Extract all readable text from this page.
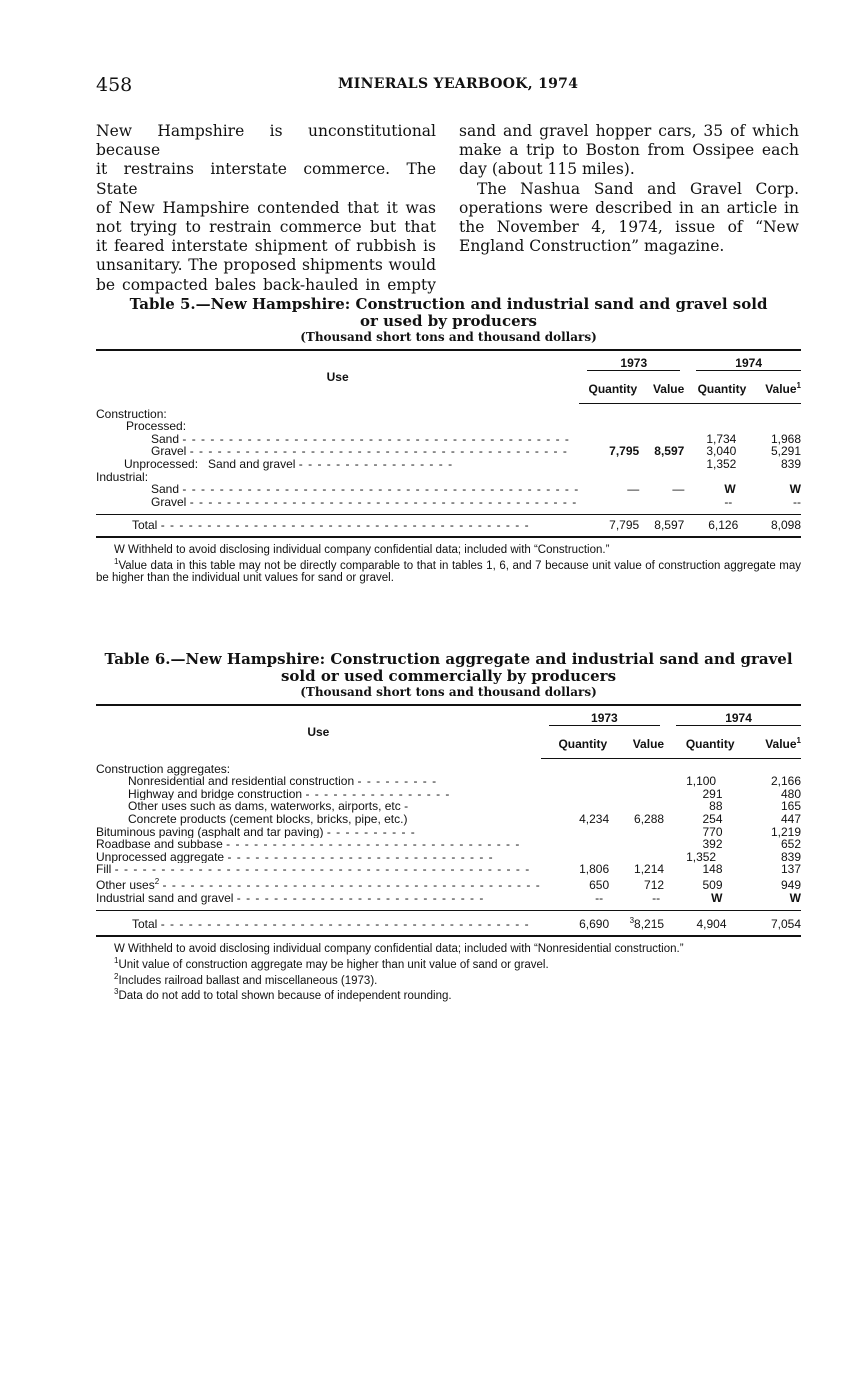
458	MINERALS YEARBOOK, 1974

New Hampshire is unconstitutional because

it restrains interstate commerce. The State

of New Hampshire contended that it was

not trying to restrain commerce but that

it feared interstate shipment of rubbish is

unsanitary. The proposed shipments would

be compacted bales back-hauled in empty

sand and gravel hopper cars, 35 of which make a trip to Boston from Ossipee each day (about 115 miles).

The Nashua Sand and Gravel Corp. operations were described in an article in the November 4, 1974, issue of “New England Construction” magazine.

Table 5.—New Hampshire: Construction and industrial sand and gravel sold
or used by producers
(Thousand short tons and thousand dollars)
Use	1973		1974	

	Quantity	Value	Quantity	Value$^1$
Construction:				
Processed:				
Sand - - - - - - - - - - - - - - - - - - - - - - - - - - - - - - - - - - - - - - - - - -			1,734	1,968
Gravel - - - - - - - - - - - - - - - - - - - - - - - - - - - - - - - - - - - - - - - - -	7,795	8,597	3,040	5,291
Unprocessed:   Sand and gravel - - - - - - - - - - - - - - - - -			1,352	839
Industrial:				
Sand - - - - - - - - - - - - - - - - - - - - - - - - - - - - - - - - - - - - - - - - - - -	—	—	W	W
Gravel - - - - - - - - - - - - - - - - - - - - - - - - - - - - - - - - - - - - - - - - - -			--	--
Total - - - - - - - - - - - - - - - - - - - - - - - - - - - - - - - - - - - - - - - -	7,795	8,597	6,126	8,098

W Withheld to avoid disclosing individual company confidential data; included with “Construction.”

$^1$Value data in this table may not be directly comparable to that in tables 1, 6, and 7 because unit value of construction aggregate may be higher than the individual unit values for sand or gravel.

Table 6.—New Hampshire: Construction aggregate and industrial sand and gravel
sold or used commercially by producers
(Thousand short tons and thousand dollars)
Use	1973		1974	

	Quantity	Value	Quantity	Value$^1$
Construction aggregates:				
Nonresidential and residential construction - - - - - - - - -			1,100	2,166
Highway and bridge construction - - - - - - - - - - - - - - - -			291	480
Other uses such as dams, waterworks, airports, etc -			88	165
Concrete products (cement blocks, bricks, pipe, etc.)	4,234	6,288	254	447
Bituminous paving (asphalt and tar paving) - - - - - - - - - -			770	1,219
Roadbase and subbase - - - - - - - - - - - - - - - - - - - - - - - - - - - - - - - -			392	652
Unprocessed aggregate - - - - - - - - - - - - - - - - - - - - - - - - - - - - -			1,352	839
Fill - - - - - - - - - - - - - - - - - - - - - - - - - - - - - - - - - - - - - - - - - - - - -	1,806	1,214	148	137
Other uses$^2$ - - - - - - - - - - - - - - - - - - - - - - - - - - - - - - - - - - - - - - - - -	650	712	509	949
Industrial sand and gravel - - - - - - - - - - - - - - - - - - - - - - - - - - -	--	--	W	W
Total - - - - - - - - - - - - - - - - - - - - - - - - - - - - - - - - - - - - - - - -	6,690	$^3$8,215	4,904	7,054

W Withheld to avoid disclosing individual company confidential data; included with “Nonresidential construction.”

$^1$Unit value of construction aggregate may be higher than unit value of sand or gravel.

$^2$Includes railroad ballast and miscellaneous (1973).

$^3$Data do not add to total shown because of independent rounding.
